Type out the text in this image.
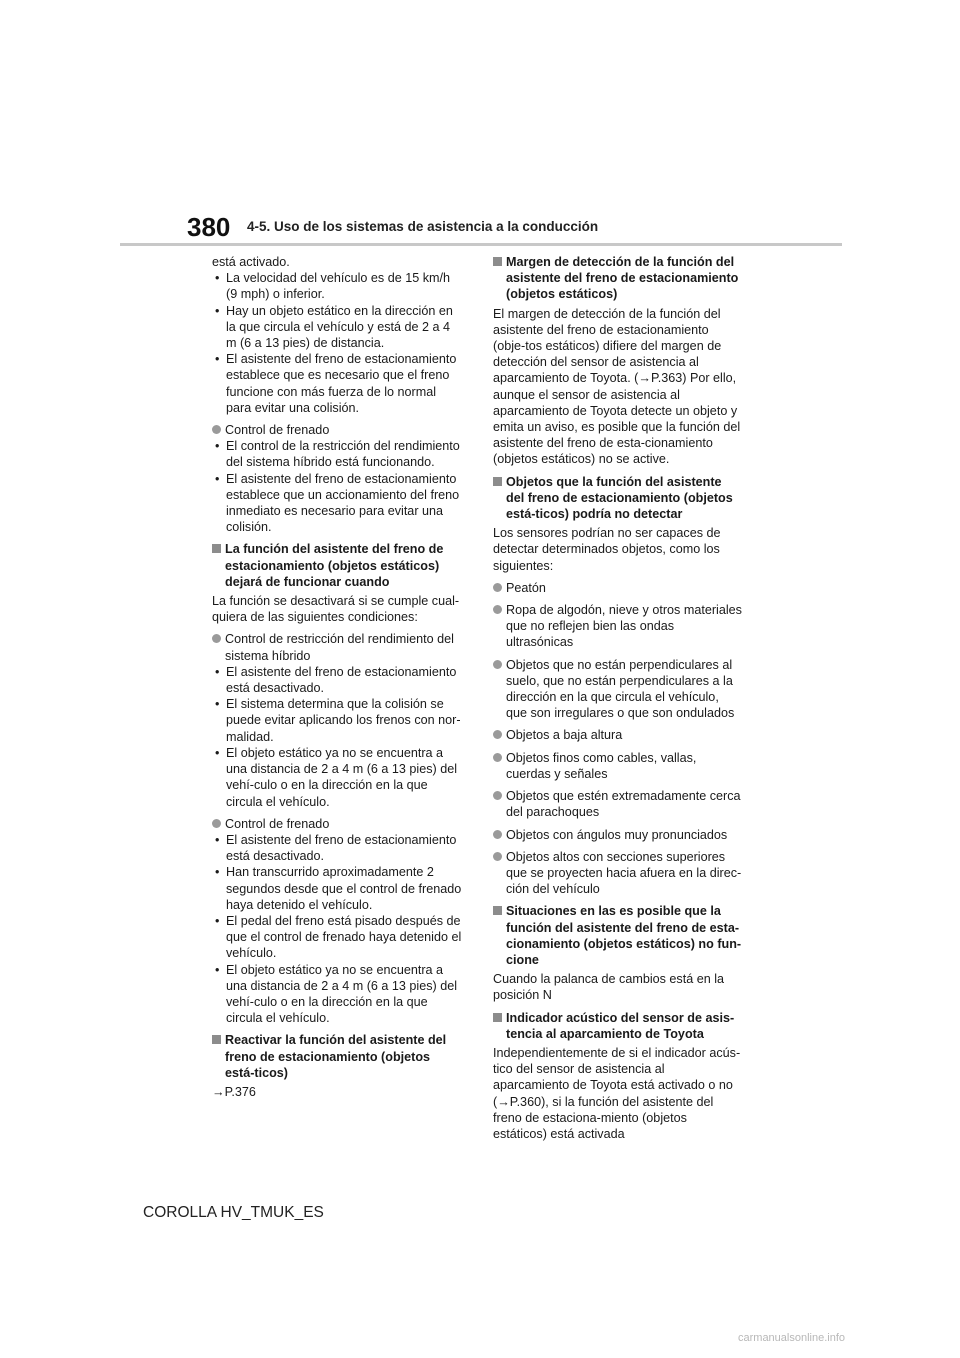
380 4-5. Uso de los sistemas de asistencia a la conducción

está activado.

• La velocidad del vehículo es de 15 km/h (9 mph) o inferior.
• Hay un objeto estático en la dirección en la que circula el vehículo y está de 2 a 4 m (6 a 13 pies) de distancia.
• El asistente del freno de estacionamiento establece que es necesario que el freno funcione con más fuerza de lo normal para evitar una colisión.
Control de frenado
• El control de la restricción del rendimiento del sistema híbrido está funcionando.
• El asistente del freno de estacionamiento establece que un accionamiento del freno inmediato es necesario para evitar una colisión.
La función del asistente del freno de estacionamiento (objetos estáticos) dejará de funcionar cuando

La función se desactivará si se cumple cual-quiera de las siguientes condiciones:

Control de restricción del rendimiento del sistema híbrido
• El asistente del freno de estacionamiento está desactivado.
• El sistema determina que la colisión se puede evitar aplicando los frenos con nor-malidad.
• El objeto estático ya no se encuentra a una distancia de 2 a 4 m (6 a 13 pies) del vehí-culo o en la dirección en la que circula el vehículo.
Control de frenado
• El asistente del freno de estacionamiento está desactivado.
• Han transcurrido aproximadamente 2 segundos desde que el control de frenado haya detenido el vehículo.
• El pedal del freno está pisado después de que el control de frenado haya detenido el vehículo.
• El objeto estático ya no se encuentra a una distancia de 2 a 4 m (6 a 13 pies) del vehí-culo o en la dirección en la que circula el vehículo.
Reactivar la función del asistente del freno de estacionamiento (objetos está-ticos)

→P.376

Margen de detección de la función del asistente del freno de estacionamiento (objetos estáticos)

El margen de detección de la función del asistente del freno de estacionamiento (obje-tos estáticos) difiere del margen de detección del sensor de asistencia al aparcamiento de Toyota. (→P.363) Por ello, aunque el sensor de asistencia al aparcamiento de Toyota detecte un objeto y emita un aviso, es posible que la función del asistente del freno de esta-cionamiento (objetos estáticos) no se active.

Objetos que la función del asistente del freno de estacionamiento (objetos está-ticos) podría no detectar

Los sensores podrían no ser capaces de detectar determinados objetos, como los siguientes:

Peatón
Ropa de algodón, nieve y otros materiales que no reflejen bien las ondas ultrasónicas
Objetos que no están perpendiculares al suelo, que no están perpendiculares a la dirección en la que circula el vehículo, que son irregulares o que son ondulados
Objetos a baja altura
Objetos finos como cables, vallas, cuerdas y señales
Objetos que estén extremadamente cerca del parachoques
Objetos con ángulos muy pronunciados
Objetos altos con secciones superiores que se proyecten hacia afuera en la direc-ción del vehículo
Situaciones en las es posible que la función del asistente del freno de esta-cionamiento (objetos estáticos) no fun-cione

Cuando la palanca de cambios está en la posición N

Indicador acústico del sensor de asis-tencia al aparcamiento de Toyota

Independientemente de si el indicador acús-tico del sensor de asistencia al aparcamiento de Toyota está activado o no (→P.360), si la función del asistente del freno de estaciona-miento (objetos estáticos) está activada

COROLLA HV_TMUK_ES
carmanualsonline.info
